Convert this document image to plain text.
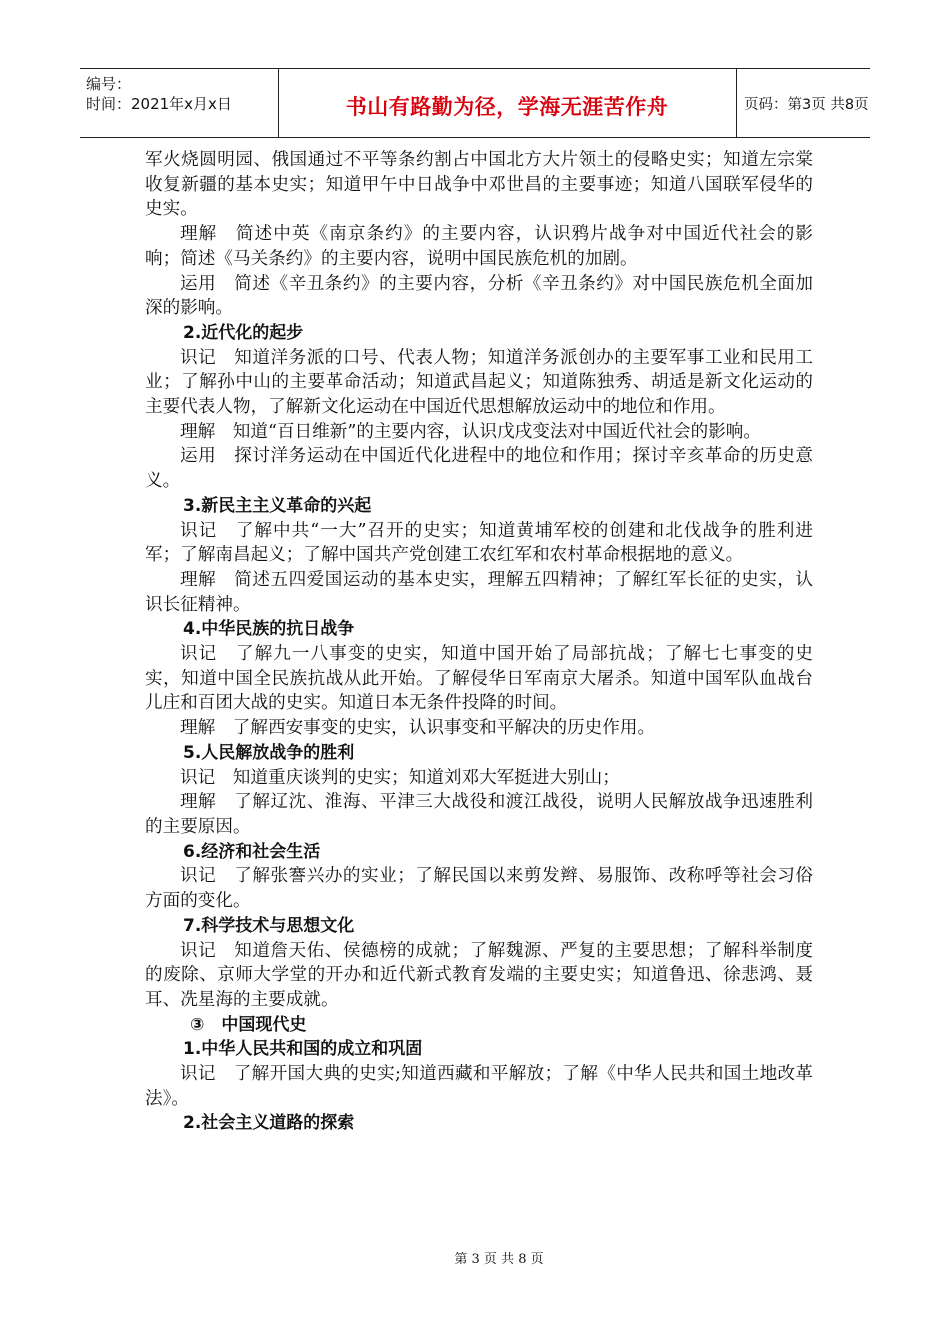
编号：
时间：2021年x月x日	书山有路勤为径，学海无涯苦作舟	页码：第3页 共8页

军火烧圆明园、俄国通过不平等条约割占中国北方大片领土的侵略史实；知道左宗棠收复新疆的基本史实；知道甲午中日战争中邓世昌的主要事迹；知道八国联军侵华的史实。

理解　简述中英《南京条约》的主要内容，认识鸦片战争对中国近代社会的影响；简述《马关条约》的主要内容，说明中国民族危机的加剧。

运用　简述《辛丑条约》的主要内容，分析《辛丑条约》对中国民族危机全面加深的影响。

2.近代化的起步

识记　知道洋务派的口号、代表人物；知道洋务派创办的主要军事工业和民用工业；了解孙中山的主要革命活动；知道武昌起义；知道陈独秀、胡适是新文化运动的主要代表人物，了解新文化运动在中国近代思想解放运动中的地位和作用。

理解　知道“百日维新”的主要内容，认识戊戌变法对中国近代社会的影响。

运用　探讨洋务运动在中国近代化进程中的地位和作用；探讨辛亥革命的历史意义。

3.新民主主义革命的兴起

识记　了解中共“一大”召开的史实；知道黄埔军校的创建和北伐战争的胜利进军；了解南昌起义；了解中国共产党创建工农红军和农村革命根据地的意义。

理解　简述五四爱国运动的基本史实，理解五四精神；了解红军长征的史实，认识长征精神。

4.中华民族的抗日战争

识记　了解九一八事变的史实，知道中国开始了局部抗战；了解七七事变的史实，知道中国全民族抗战从此开始。了解侵华日军南京大屠杀。知道中国军队血战台儿庄和百团大战的史实。知道日本无条件投降的时间。

理解　了解西安事变的史实，认识事变和平解决的历史作用。

5.人民解放战争的胜利

识记　知道重庆谈判的史实；知道刘邓大军挺进大别山；

理解　了解辽沈、淮海、平津三大战役和渡江战役，说明人民解放战争迅速胜利的主要原因。

6.经济和社会生活

识记　了解张謇兴办的实业；了解民国以来剪发辫、易服饰、改称呼等社会习俗方面的变化。

7.科学技术与思想文化

识记　知道詹天佑、侯德榜的成就；了解魏源、严复的主要思想；了解科举制度的废除、京师大学堂的开办和近代新式教育发端的主要史实；知道鲁迅、徐悲鸿、聂耳、冼星海的主要成就。

③　中国现代史

1.中华人民共和国的成立和巩固

识记　了解开国大典的史实;知道西藏和平解放；了解《中华人民共和国土地改革法》。

2.社会主义道路的探索

第 3 页 共 8 页
